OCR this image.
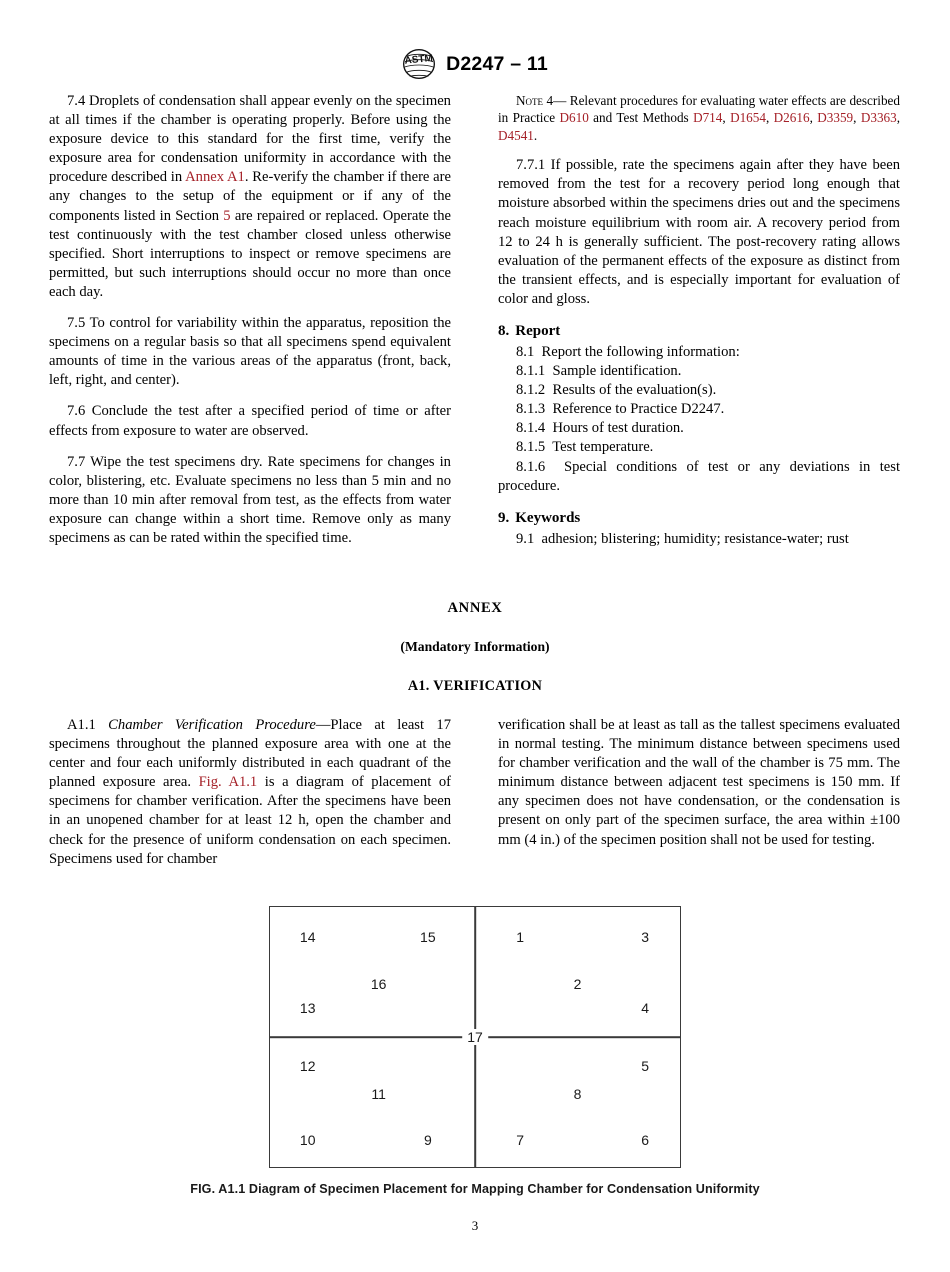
ASTM D2247 – 11

7.4 Droplets of condensation shall appear evenly on the specimen at all times if the chamber is operating properly. Before using the exposure device to this standard for the first time, verify the exposure area for condensation uniformity in accordance with the procedure described in Annex A1. Re-verify the chamber if there are any changes to the setup of the equipment or if any of the components listed in Section 5 are repaired or replaced. Operate the test continuously with the test chamber closed unless otherwise specified. Short interruptions to inspect or remove specimens are permitted, but such interruptions should occur no more than once each day.

7.5 To control for variability within the apparatus, reposition the specimens on a regular basis so that all specimens spend equivalent amounts of time in the various areas of the apparatus (front, back, left, right, and center).

7.6 Conclude the test after a specified period of time or after effects from exposure to water are observed.

7.7 Wipe the test specimens dry. Rate specimens for changes in color, blistering, etc. Evaluate specimens no less than 5 min and no more than 10 min after removal from test, as the effects from water exposure can change within a short time. Remove only as many specimens as can be rated within the specified time.

Note 4— Relevant procedures for evaluating water effects are described in Practice D610 and Test Methods D714, D1654, D2616, D3359, D3363, D4541.

7.7.1 If possible, rate the specimens again after they have been removed from the test for a recovery period long enough that moisture absorbed within the specimens dries out and the specimens reach moisture equilibrium with room air. A recovery period from 12 to 24 h is generally sufficient. The post-recovery rating allows evaluation of the permanent effects of the exposure as distinct from the transient effects, and is especially important for evaluation of color and gloss.

8. Report

8.1 Report the following information:

8.1.1 Sample identification.

8.1.2 Results of the evaluation(s).

8.1.3 Reference to Practice D2247.

8.1.4 Hours of test duration.

8.1.5 Test temperature.

8.1.6 Special conditions of test or any deviations in test procedure.

9. Keywords

9.1 adhesion; blistering; humidity; resistance-water; rust

ANNEX
(Mandatory Information)
A1. VERIFICATION

A1.1 Chamber Verification Procedure—Place at least 17 specimens throughout the planned exposure area with one at the center and four each uniformly distributed in each quadrant of the planned exposure area. Fig. A1.1 is a diagram of placement of specimens for chamber verification. After the specimens have been in an unopened chamber for at least 12 h, open the chamber and check for the presence of uniform condensation on each specimen. Specimens used for chamber

verification shall be at least as tall as the tallest specimens evaluated in normal testing. The minimum distance between specimens used for chamber verification and the wall of the chamber is 75 mm. The minimum distance between adjacent test specimens is 150 mm. If any specimen does not have condensation, or the condensation is present on only part of the specimen surface, the area within ±100 mm (4 in.) of the specimen position shall not be used for testing.

17
14	15
16
13
1	3
2
4
12
11
10	9
5
8
7	6
FIG. A1.1 Diagram of Specimen Placement for Mapping Chamber for Condensation Uniformity
3
